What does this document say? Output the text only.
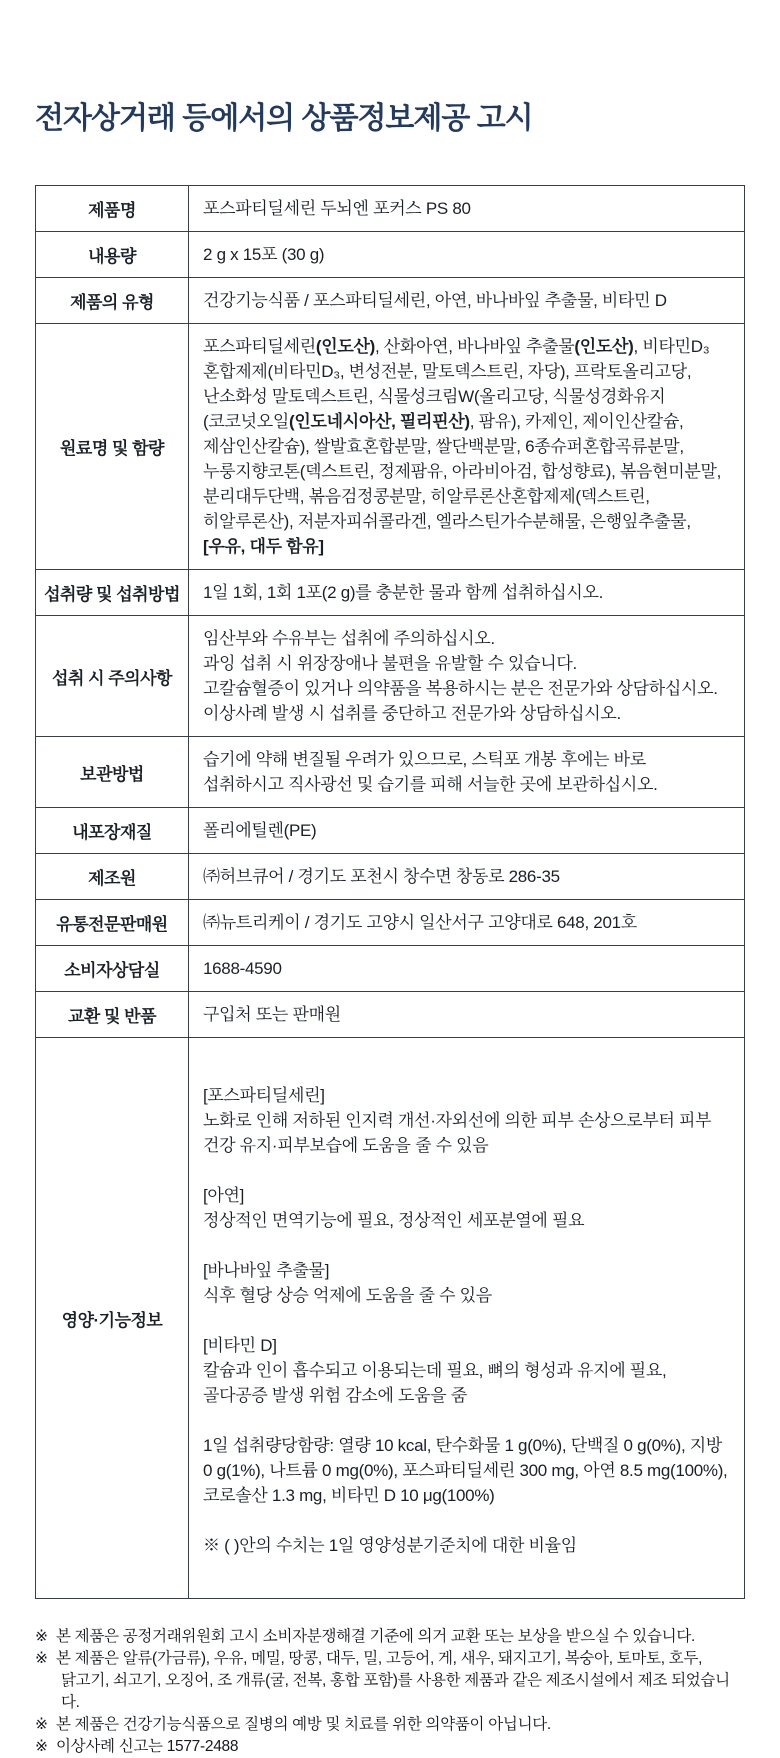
전자상거래 등에서의 상품정보제공 고시
제품명	포스파티딜세린 두뇌엔 포커스 PS 80

내용량	2 g x 15포 (30 g)

제품의 유형	건강기능식품 / 포스파티딜세린, 아연, 바나바잎 추출물, 비타민 D

원료명 및 함량	포스파티딜세린(인도산), 산화아연, 바나바잎 추출물(인도산), 비타민D₃ 혼합제제(비타민D₃, 변성전분, 말토덱스트린, 자당), 프락토올리고당, 난소화성 말토덱스트린, 식물성크림W(올리고당, 식물성경화유지(코코넛오일(인도네시아산, 필리핀산), 팜유), 카제인, 제이인산칼슘, 제삼인산칼슘), 쌀발효혼합분말, 쌀단백분말, 6종슈퍼혼합곡류분말, 누룽지향코톤(덱스트린, 정제팜유, 아라비아검, 합성향료), 볶음현미분말, 분리대두단백, 볶음검정콩분말, 히알루론산혼합제제(덱스트린, 히알루론산), 저분자피쉬콜라겐, 엘라스틴가수분해물, 은행잎추출물, [우유, 대두 함유]

섭취량 및 섭취방법	1일 1회, 1회 1포(2 g)를 충분한 물과 함께 섭취하십시오.

섭취 시 주의사항	임산부와 수유부는 섭취에 주의하십시오.
과잉 섭취 시 위장장애나 불편을 유발할 수 있습니다.
고칼슘혈증이 있거나 의약품을 복용하시는 분은 전문가와 상담하십시오.
이상사례 발생 시 섭취를 중단하고 전문가와 상담하십시오.

보관방법	습기에 약해 변질될 우려가 있으므로, 스틱포 개봉 후에는 바로 섭취하시고 직사광선 및 습기를 피해 서늘한 곳에 보관하십시오.

내포장재질	폴리에틸렌(PE)

제조원	㈜허브큐어 / 경기도 포천시 창수면 창동로 286-35

유통전문판매원	㈜뉴트리케이 / 경기도 고양시 일산서구 고양대로 648, 201호

소비자상담실	1688-4590

교환 및 반품	구입처 또는 판매원

영양·기능정보	
[포스파티딜세린]
노화로 인해 저하된 인지력 개선·자외선에 의한 피부 손상으로부터 피부 건강 유지·피부보습에 도움을 줄 수 있음
[아연]
정상적인 면역기능에 필요, 정상적인 세포분열에 필요
[바나바잎 추출물]
식후 혈당 상승 억제에 도움을 줄 수 있음
[비타민 D]
칼슘과 인이 흡수되고 이용되는데 필요, 뼈의 형성과 유지에 필요, 골다공증 발생 위험 감소에 도움을 줌
1일 섭취량당함량: 열량 10 kcal, 탄수화물 1 g(0%), 단백질 0 g(0%), 지방 0 g(1%), 나트륨 0 mg(0%), 포스파티딜세린 300 mg, 아연 8.5 mg(100%), 코로솔산 1.3 mg, 비타민 D 10 μg(100%)
※ ( )안의 수치는 1일 영양성분기준치에 대한 비율임
※ 본 제품은 공정거래위원회 고시 소비자분쟁해결 기준에 의거 교환 또는 보상을 받으실 수 있습니다.
※ 본 제품은 알류(가금류), 우유, 메밀, 땅콩, 대두, 밀, 고등어, 게, 새우, 돼지고기, 복숭아, 토마토, 호두,
닭고기, 쇠고기, 오징어, 조 개류(굴, 전복, 홍합 포함)를 사용한 제품과 같은 제조시설에서 제조 되었습니다.
※ 본 제품은 건강기능식품으로 질병의 예방 및 치료를 위한 의약품이 아닙니다.
※ 이상사례 신고는 1577-2488
